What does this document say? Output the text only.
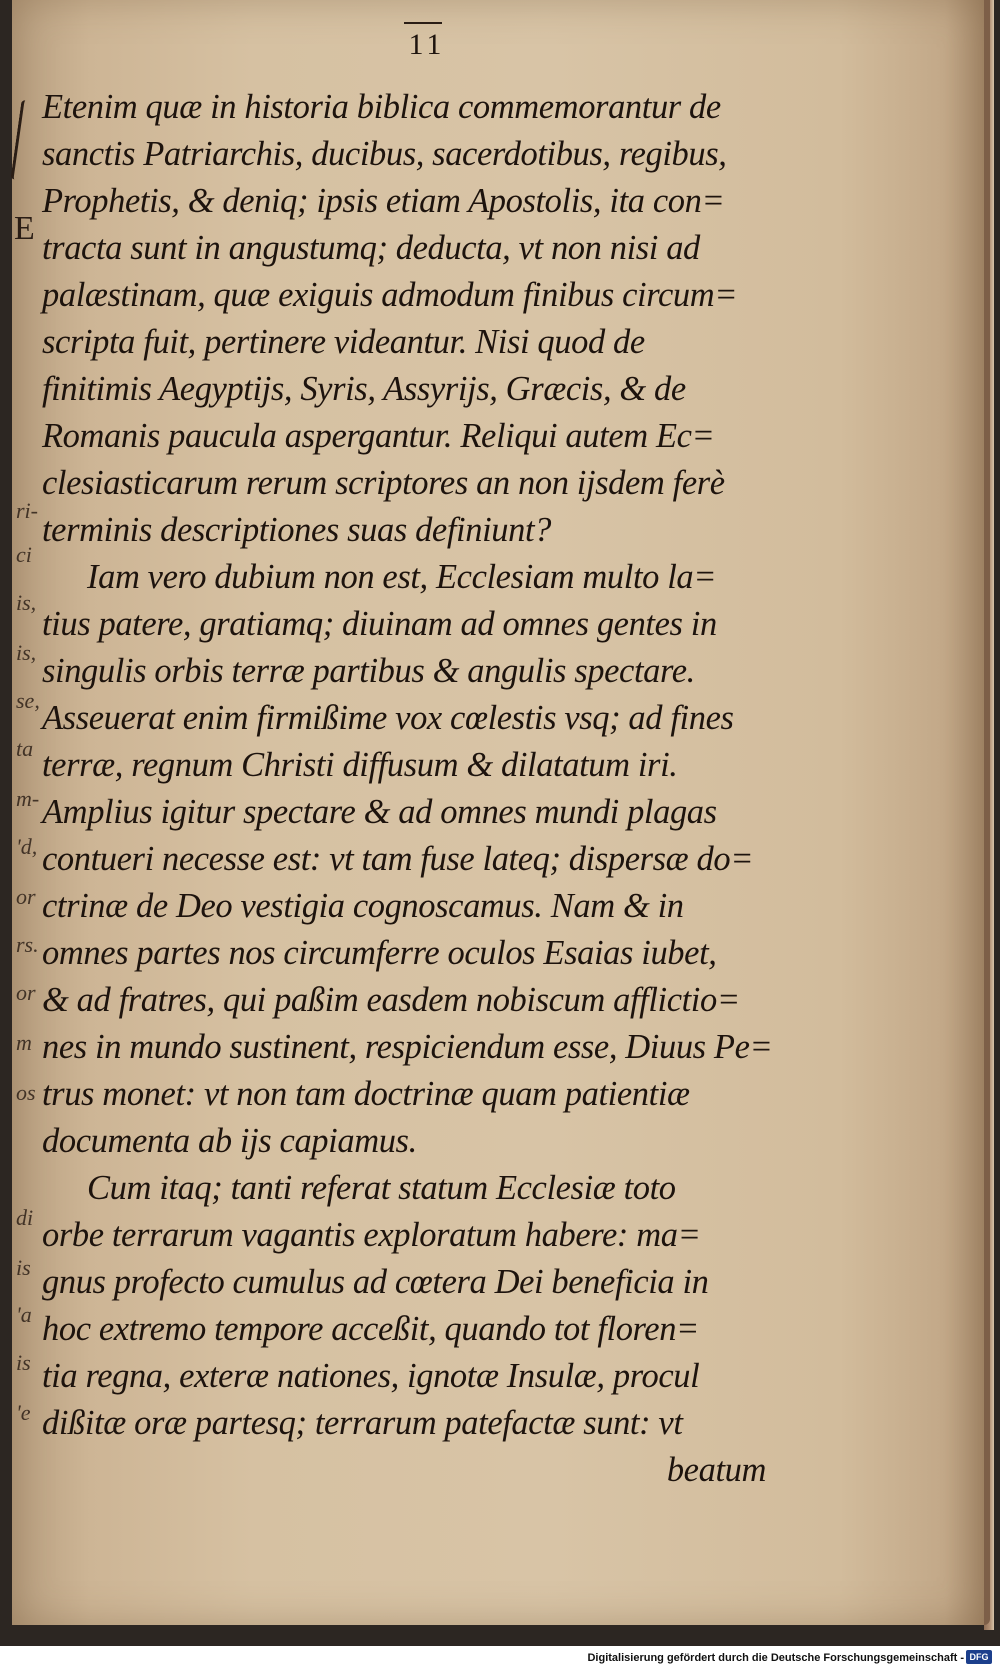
E
ri-
ci
is,
is,
se,
ta
m-
'd,
or
rs.
or
m
os
di
is
'a
is
'e
11
Etenim quæ in historia biblica commemorantur de
sanctis Patriarchis, ducibus, sacerdotibus, regibus,
Prophetis, & deniq; ipsis etiam Apostolis, ita con=
tracta sunt in angustumq; deducta, vt non nisi ad
palæstinam, quæ exiguis admodum finibus circum=
scripta fuit, pertinere videantur. Nisi quod de
finitimis Aegyptijs, Syris, Assyrijs, Græcis, & de
Romanis paucula aspergantur. Reliqui autem Ec=
clesiasticarum rerum scriptores an non ijsdem ferè
terminis descriptiones suas definiunt?
Iam vero dubium non est, Ecclesiam multo la=
tius patere, gratiamq; diuinam ad omnes gentes in
singulis orbis terræ partibus & angulis spectare.
Asseuerat enim firmißime vox cœlestis vsq; ad fines
terræ, regnum Christi diffusum & dilatatum iri.
Amplius igitur spectare & ad omnes mundi plagas
contueri necesse est: vt tam fuse lateq; dispersæ do=
ctrinæ de Deo vestigia cognoscamus. Nam & in
omnes partes nos circumferre oculos Esaias iubet,
& ad fratres, qui paßim easdem nobiscum afflictio=
nes in mundo sustinent, respiciendum esse, Diuus Pe=
trus monet: vt non tam doctrinæ quam patientiæ
documenta ab ijs capiamus.
Cum itaq; tanti referat statum Ecclesiæ toto
orbe terrarum vagantis exploratum habere: ma=
gnus profecto cumulus ad cœtera Dei beneficia in
hoc extremo tempore acceßit, quando tot floren=
tia regna, exteræ nationes, ignotæ Insulæ, procul
dißitæ oræ partesq; terrarum patefactæ sunt: vt
beatum
Digitalisierung gefördert durch die Deutsche Forschungsgemeinschaft - DFG
